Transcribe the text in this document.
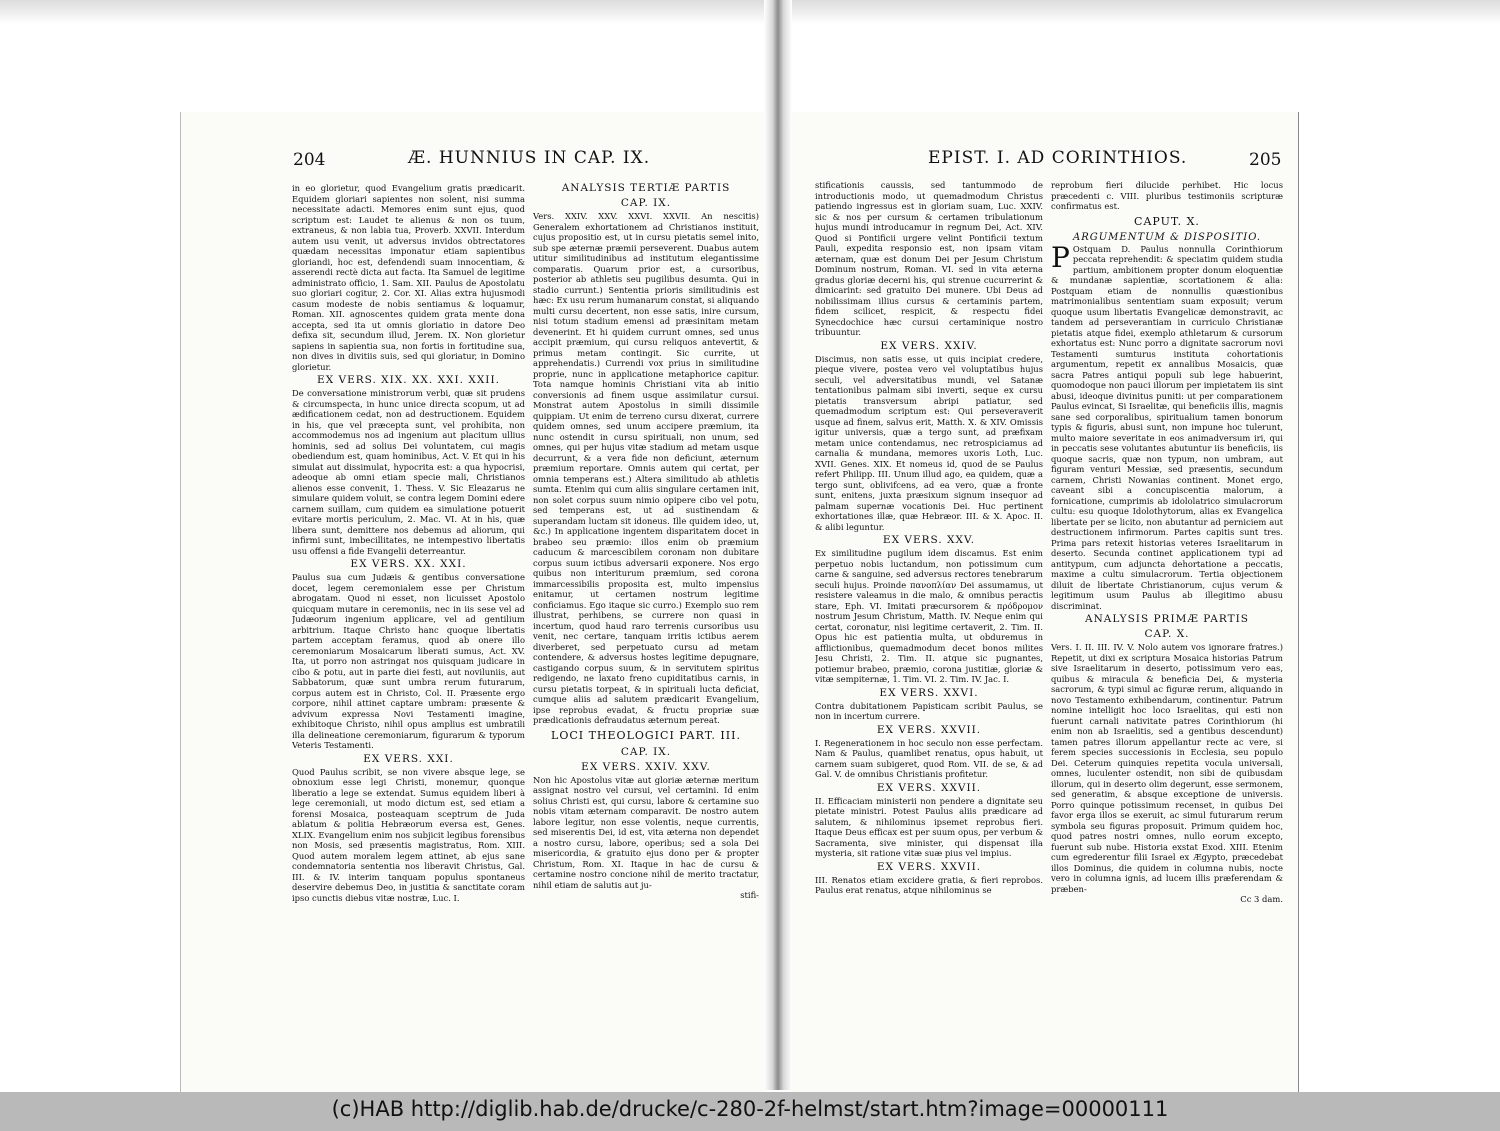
204	Æ. HUNNIUS IN CAP. IX.	EPIST. I. AD CORINTHIOS.	205

in eo glorietur, quod Evangelium gratis prædicarit. Equidem gloriari sapientes non solent, nisi summa necessitate adacti. Memores enim sunt ejus, quod scriptum est: Laudet te alienus & non os tuum, extraneus, & non labia tua, Proverb. XXVII. Interdum autem usu venit, ut adversus invidos obtrectatores quædam necessitas imponatur etiam sapientibus gloriandi, hoc est, defendendi suam innocentiam, & asserendi rectè dicta aut facta. Ita Samuel de legitime administrato officio, 1. Sam. XII. Paulus de Apostolatu suo gloriari cogitur, 2. Cor. XI. Alias extra hujusmodi casum modeste de nobis sentiamus & loquamur, Roman. XII. agnoscentes quidem grata mente dona accepta, sed ita ut omnis gloriatio in datore Deo defixa sit, secundum illud, Jerem. IX. Non glorietur sapiens in sapientia sua, non fortis in fortitudine sua, non dives in divitiis suis, sed qui gloriatur, in Domino glorietur.

EX VERS. XIX. XX. XXI. XXII.

De conversatione ministrorum verbi, quæ sit prudens & circumspecta, in hunc unice directa scopum, ut ad ædificationem cedat, non ad destructionem. Equidem in his, que vel præcepta sunt, vel prohibita, non accommodemus nos ad ingenium aut placitum ullius hominis, sed ad solius Dei voluntatem, cui magis obediendum est, quam hominibus, Act. V. Et qui in his simulat aut dissimulat, hypocrita est: a qua hypocrisi, adeoque ab omni etiam specie mali, Christianos alienos esse convenit, 1. Thess. V. Sic Eleazarus ne simulare quidem voluit, se contra legem Domini edere carnem suillam, cum quidem ea simulatione potuerit evitare mortis periculum, 2. Mac. VI. At in his, quæ libera sunt, demittere nos debemus ad aliorum, qui infirmi sunt, imbecillitates, ne intempestivo libertatis usu offensi a fide Evangelii deterreantur.

EX VERS. XX. XXI.

Paulus sua cum Judæis & gentibus conversatione docet, legem ceremonialem esse per Christum abrogatam. Quod ni esset, non licuisset Apostolo quicquam mutare in ceremoniis, nec in iis sese vel ad Judæorum ingenium applicare, vel ad gentilium arbitrium. Itaque Christo hanc quoque libertatis partem acceptam feramus, quod ab onere illo ceremoniarum Mosaicarum liberati sumus, Act. XV. Ita, ut porro non astringat nos quisquam judicare in cibo & potu, aut in parte diei festi, aut noviluniis, aut Sabbatorum, quæ sunt umbra rerum futurarum, corpus autem est in Christo, Col. II. Præsente ergo corpore, nihil attinet captare umbram: præsente & advivum expressa Novi Testamenti imagine, exhibitoque Christo, nihil opus amplius est umbratili illa delineatione ceremoniarum, figurarum & typorum Veteris Testamenti.

EX VERS. XXI.

Quod Paulus scribit, se non vivere absque lege, se obnoxium esse legi Christi, monemur, quonque liberatio a lege se extendat. Sumus equidem liberi à lege ceremoniali, ut modo dictum est, sed etiam a forensi Mosaica, posteaquam sceptrum de Juda ablatum & politia Hebræorum eversa est, Genes. XLIX. Evangelium enim nos subjicit legibus forensibus non Mosis, sed præsentis magistratus, Rom. XIII. Quod autem moralem legem attinet, ab ejus sane condemnatoria sententia nos liberavit Christus, Gal. III. & IV. interim tanquam populus spontaneus deservire debemus Deo, in justitia & sanctitate coram ipso cunctis diebus vitæ nostræ, Luc. I.

ANALYSIS TERTIÆ PARTIS
CAP. IX.

Vers. XXIV. XXV. XXVI. XXVII. An nescitis) Generalem exhortationem ad Christianos instituit, cujus propositio est, ut in cursu pietatis semel inito, sub spe æternæ præmii perseverent. Duabus autem utitur similitudinibus ad institutum elegantissime comparatis. Quarum prior est, a cursoribus, posterior ab athletis seu pugilibus desumta. Qui in stadio currunt.) Sententia prioris similitudinis est hæc: Ex usu rerum humanarum constat, si aliquando multi cursu decertent, non esse satis, inire cursum, nisi totum stadium emensi ad præsinitam metam devenerint. Et hi quidem currunt omnes, sed unus accipit præmium, qui cursu reliquos antevertit, & primus metam contingit. Sic currite, ut apprehendatis.) Currendi vox prius in similitudine proprie, nunc in applicatione metaphorice capitur. Tota namque hominis Christiani vita ab initio conversionis ad finem usque assimilatur cursui. Monstrat autem Apostolus in simili dissimile quippiam. Ut enim de terreno cursu dixerat, currere quidem omnes, sed unum accipere præmium, ita nunc ostendit in cursu spirituali, non unum, sed omnes, qui per hujus vitæ stadium ad metam usque decurrunt, & a vera fide non deficiunt, æternum præmium reportare. Omnis autem qui certat, per omnia temperans est.) Altera similitudo ab athletis sumta. Etenim qui cum aliis singulare certamen init, non solet corpus suum nimio opipere cibo vel potu, sed temperans est, ut ad sustinendam & superandam luctam sit idoneus. Ille quidem ideo, ut, &c.) In applicatione ingentem disparitatem docet in brabeo seu præmio: illos enim ob præmium caducum & marcescibilem coronam non dubitare corpus suum ictibus adversarii exponere. Nos ergo quibus non interiturum præmium, sed corona immarcessibilis proposita est, multo impensius enitamur, ut certamen nostrum legitime conficiamus. Ego itaque sic curro.) Exemplo suo rem illustrat, perhibens, se currere non quasi in incertum, quod haud raro terrenis cursoribus usu venit, nec certare, tanquam irritis ictibus aerem diverberet, sed perpetuato cursu ad metam contendere, & adversus hostes legitime depugnare, castigando corpus suum, & in servitutem spiritus redigendo, ne laxato freno cupiditatibus carnis, in cursu pietatis torpeat, & in spirituali lucta deficiat, cumque aliis ad salutem prædicarit Evangelium, ipse reprobus evadat, & fructu propriæ suæ prædicationis defraudatus æternum pereat.

LOCI THEOLOGICI PART. III.
CAP. IX.
EX VERS. XXIV. XXV.

Non hic Apostolus vitæ aut gloriæ æternæ meritum assignat nostro vel cursui, vel certamini. Id enim solius Christi est, qui cursu, labore & certamine suo nobis vitam æternam comparavit. De nostro autem labore legitur, non esse volentis, neque currentis, sed miserentis Dei, id est, vita æterna non dependet a nostro cursu, labore, operibus; sed a sola Dei misericordia, & gratuito ejus dono per & propter Christum, Rom. XI. Itaque in hac de cursu & certamine nostro concione nihil de merito tractatur, nihil etiam de salutis aut ju-

stifi-

stificationis caussis, sed tantummodo de introductionis modo, ut quemadmodum Christus patiendo ingressus est in gloriam suam, Luc. XXIV. sic & nos per cursum & certamen tribulationum hujus mundi introducamur in regnum Dei, Act. XIV. Quod si Pontificii urgere velint Pontificii textum Pauli, expedita responsio est, non ipsam vitam æternam, quæ est donum Dei per Jesum Christum Dominum nostrum, Roman. VI. sed in vita æterna gradus gloriæ decerni his, qui strenue cucurrerint & dimicarint: sed gratuito Dei munere. Ubi Deus ad nobilissimam illius cursus & certaminis partem, fidem scilicet, respicit, & respectu fidei Synecdochice hæc cursui certaminique nostro tribuuntur.

EX VERS. XXIV.

Discimus, non satis esse, ut quis incipiat credere, pieque vivere, postea vero vel voluptatibus hujus seculi, vel adversitatibus mundi, vel Satanæ tentationibus palmam sibi inverti, seque ex cursu pietatis transversum abripi patiatur, sed quemadmodum scriptum est: Qui perseveraverit usque ad finem, salvus erit, Matth. X. & XIV. Omissis igitur universis, quæ a tergo sunt, ad præfixam metam unice contendamus, nec retrospiciamus ad carnalia & mundana, memores uxoris Loth, Luc. XVII. Genes. XIX. Et nomeus id, quod de se Paulus refert Philipp. III. Unum illud ago, ea quidem, quæ a tergo sunt, oblivifcens, ad ea vero, quæ a fronte sunt, enitens, juxta præsixum signum insequor ad palmam supernæ vocationis Dei. Huc pertinent exhortationes illæ, quæ Hebræor. III. & X. Apoc. II. & alibi leguntur.

EX VERS. XXV.

Ex similitudine pugilum idem discamus. Est enim perpetuo nobis luctandum, non potissimum cum carne & sanguine, sed adversus rectores tenebrarum seculi hujus. Proinde πανοπλίαν Dei assumamus, ut resistere valeamus in die malo, & omnibus peractis stare, Eph. VI. Imitati præcursorem & πρόδρομον nostrum Jesum Christum, Matth. IV. Neque enim qui certat, coronatur, nisi legitime certaverit, 2. Tim. II. Opus hic est patientia multa, ut obduremus in afflictionibus, quemadmodum decet bonos milites Jesu Christi, 2. Tim. II. atque sic pugnantes, potiemur brabeo, præmio, corona justitiæ, gloriæ & vitæ sempiternæ, 1. Tim. VI. 2. Tim. IV. Jac. I.

EX VERS. XXVI.

Contra dubitationem Papisticam scribit Paulus, se non in incertum currere.

EX VERS. XXVII.

I. Regenerationem in hoc seculo non esse perfectam. Nam & Paulus, quamlibet renatus, opus habuit, ut carnem suam subigeret, quod Rom. VII. de se, & ad Gal. V. de omnibus Christianis profitetur.

EX VERS. XXVII.

II. Efficaciam ministerii non pendere a dignitate seu pietate ministri. Potest Paulus aliis prædicare ad salutem, & nihilominus ipsemet reprobus fieri. Itaque Deus efficax est per suum opus, per verbum & Sacramenta, sive minister, qui dispensat illa mysteria, sit ratione vitæ suæ pius vel impius.

EX VERS. XXVII.

III. Renatos etiam excidere gratia, & fieri reprobos. Paulus erat renatus, atque nihilominus se

reprobum fieri dilucide perhibet. Hic locus præcedenti c. VIII. pluribus testimoniis scripturæ confirmatus est.

CAPUT. X.
ARGUMENTUM & DISPOSITIO.

P Ostquam D. Paulus nonnulla Corinthiorum peccata reprehendit: & speciatim quidem studia partium, ambitionem propter donum eloquentiæ & mundanæ sapientiæ, scortationem & alia: Postquam etiam de nonnullis quæstionibus matrimonialibus sententiam suam exposuit; verum quoque usum libertatis Evangelicæ demonstravit, ac tandem ad perseverantiam in curriculo Christianæ pietatis atque fidei, exemplo athletarum & cursorum exhortatus est: Nunc porro a dignitate sacrorum novi Testamenti sumturus instituta cohortationis argumentum, repetit ex annalibus Mosaicis, quæ sacra Patres antiqui populi sub lege habuerint, quomodoque non pauci illorum per impietatem iis sint abusi, ideoque divinitus puniti: ut per comparationem Paulus evincat, Si Israelitæ, qui beneficiis illis, magnis sane sed corporalibus, spiritualium tamen bonorum typis & figuris, abusi sunt, non impune hoc tulerunt, multo maiore severitate in eos animadversum iri, qui in peccatis sese volutantes abutuntur iis beneficiis, iis quoque sacris, quæ non typum, non umbram, aut figuram venturi Messiæ, sed præsentis, secundum carnem, Christi Nowanias continent. Monet ergo, caveant sibi a concupiscentia malorum, a fornicatione, cumprimis ab idololatrico simulacrorum cultu: esu quoque Idolothytorum, alias ex Evangelica libertate per se licito, non abutantur ad perniciem aut destructionem infirmorum. Partes capitis sunt tres. Prima pars retexit historias veteres Israelitarum in deserto. Secunda continet applicationem typi ad antitypum, cum adjuncta dehortatione a peccatis, maxime a cultu simulacrorum. Tertia objectionem diluit de libertate Christianorum, cujus verum & legitimum usum Paulus ab illegitimo abusu discriminat.

ANALYSIS PRIMÆ PARTIS
CAP. X.

Vers. I. II. III. IV. V. Nolo autem vos ignorare fratres.) Repetit, ut dixi ex scriptura Mosaica historias Patrum sive Israelitarum in deserto, potissimum vero eas, quibus & miracula & beneficia Dei, & mysteria sacrorum, & typi simul ac figuræ rerum, aliquando in novo Testamento exhibendarum, continentur. Patrum nomine intelligit hoc loco Israelitas, qui esti non fuerunt carnali nativitate patres Corinthiorum (hi enim non ab Israelitis, sed a gentibus descendunt) tamen patres illorum appellantur recte ac vere, si ferem species successionis in Ecclesia, seu populo Dei. Ceterum quinquies repetita vocula universali, omnes, luculenter ostendit, non sibi de quibusdam illorum, qui in deserto olim degerunt, esse sermonem, sed generatim, & absque exceptione de universis. Porro quinque potissimum recenset, in quibus Dei favor erga illos se exeruit, ac simul futurarum rerum symbola seu figuras proposuit. Primum quidem hoc, quod patres nostri omnes, nullo eorum excepto, fuerunt sub nube. Historia exstat Exod. XIII. Etenim cum egrederentur filii Israel ex Ægypto, præcedebat illos Dominus, die quidem in columna nubis, nocte vero in columna ignis, ad lucem illis præferendam & præben-

Cc 3 dam.
(c)HAB http://diglib.hab.de/drucke/c-280-2f-helmst/start.htm?image=00000111
